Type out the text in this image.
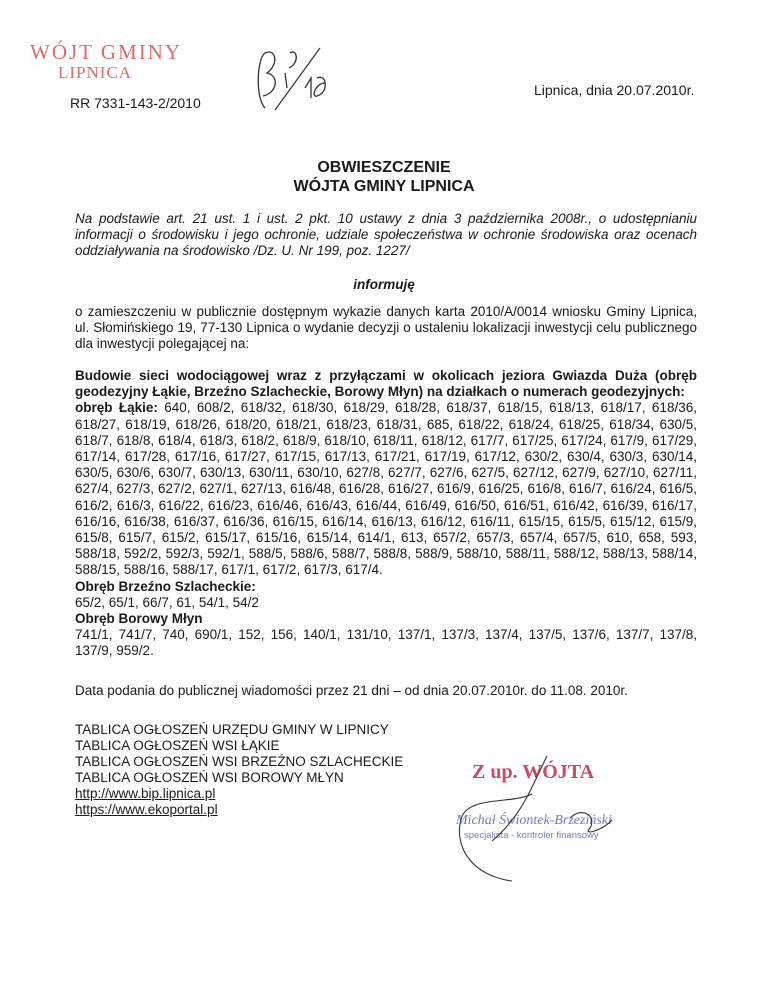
WÓJT GMINY
LIPNICA
RR 7331-143-2/2010
Lipnica, dnia 20.07.2010r.
OBWIESZCZENIE
WÓJTA GMINY LIPNICA
Na podstawie art. 21 ust. 1 i ust. 2 pkt. 10 ustawy z dnia 3 października 2008r., o udostępnianiu informacji o środowisku i jego ochronie, udziale społeczeństwa w ochronie środowiska oraz ocenach oddziaływania na środowisko /Dz. U. Nr 199, poz. 1227/
informuję
o zamieszczeniu w publicznie dostępnym wykazie danych karta 2010/A/0014 wniosku Gminy Lipnica, ul. Słomińskiego 19, 77-130 Lipnica o wydanie decyzji o ustaleniu lokalizacji inwestycji celu publicznego dla inwestycji polegającej na:
Budowie sieci wodociągowej wraz z przyłączami w okolicach jeziora Gwiazda Duża (obręb geodezyjny Łąkie, Brzeźno Szlacheckie, Borowy Młyn) na działkach o numerach geodezyjnych:
obręb Łąkie: 640, 608/2, 618/32, 618/30, 618/29, 618/28, 618/37, 618/15, 618/13, 618/17, 618/36, 618/27, 618/19, 618/26, 618/20, 618/21, 618/23, 618/31, 685, 618/22, 618/24, 618/25, 618/34, 630/5, 618/7, 618/8, 618/4, 618/3, 618/2, 618/9, 618/10, 618/11, 618/12, 617/7, 617/25, 617/24, 617/9, 617/29, 617/14, 617/28, 617/16, 617/27, 617/15, 617/13, 617/21, 617/19, 617/12, 630/2, 630/4, 630/3, 630/14, 630/5, 630/6, 630/7, 630/13, 630/11, 630/10, 627/8, 627/7, 627/6, 627/5, 627/12, 627/9, 627/10, 627/11, 627/4, 627/3, 627/2, 627/1, 627/13, 616/48, 616/28, 616/27, 616/9, 616/25, 616/8, 616/7, 616/24, 616/5, 616/2, 616/3, 616/22, 616/23, 616/46, 616/43, 616/44, 616/49, 616/50, 616/51, 616/42, 616/39, 616/17, 616/16, 616/38, 616/37, 616/36, 616/15, 616/14, 616/13, 616/12, 616/11, 615/15, 615/5, 615/12, 615/9, 615/8, 615/7, 615/2, 615/17, 615/16, 615/14, 614/1, 613, 657/2, 657/3, 657/4, 657/5, 610, 658, 593, 588/18, 592/2, 592/3, 592/1, 588/5, 588/6, 588/7, 588/8, 588/9, 588/10, 588/11, 588/12, 588/13, 588/14, 588/15, 588/16, 588/17, 617/1, 617/2, 617/3, 617/4.
Obręb Brzeźno Szlacheckie:
65/2, 65/1, 66/7, 61, 54/1, 54/2
Obręb Borowy Młyn
741/1, 741/7, 740, 690/1, 152, 156, 140/1, 131/10, 137/1, 137/3, 137/4, 137/5, 137/6, 137/7, 137/8, 137/9, 959/2.
Data podania do publicznej wiadomości przez 21 dni – od dnia 20.07.2010r. do 11.08. 2010r.
TABLICA OGŁOSZEŃ URZĘDU GMINY W LIPNICY
TABLICA OGŁOSZEŃ WSI ŁĄKIE
TABLICA OGŁOSZEŃ WSI BRZEŹNO SZLACHECKIE
TABLICA OGŁOSZEŃ WSI BOROWY MŁYN
http://www.bip.lipnica.pl
https://www.ekoportal.pl
Z up. WÓJTA
Michał Świontek-Brzeziński
specjalista - kontroler finansowy
